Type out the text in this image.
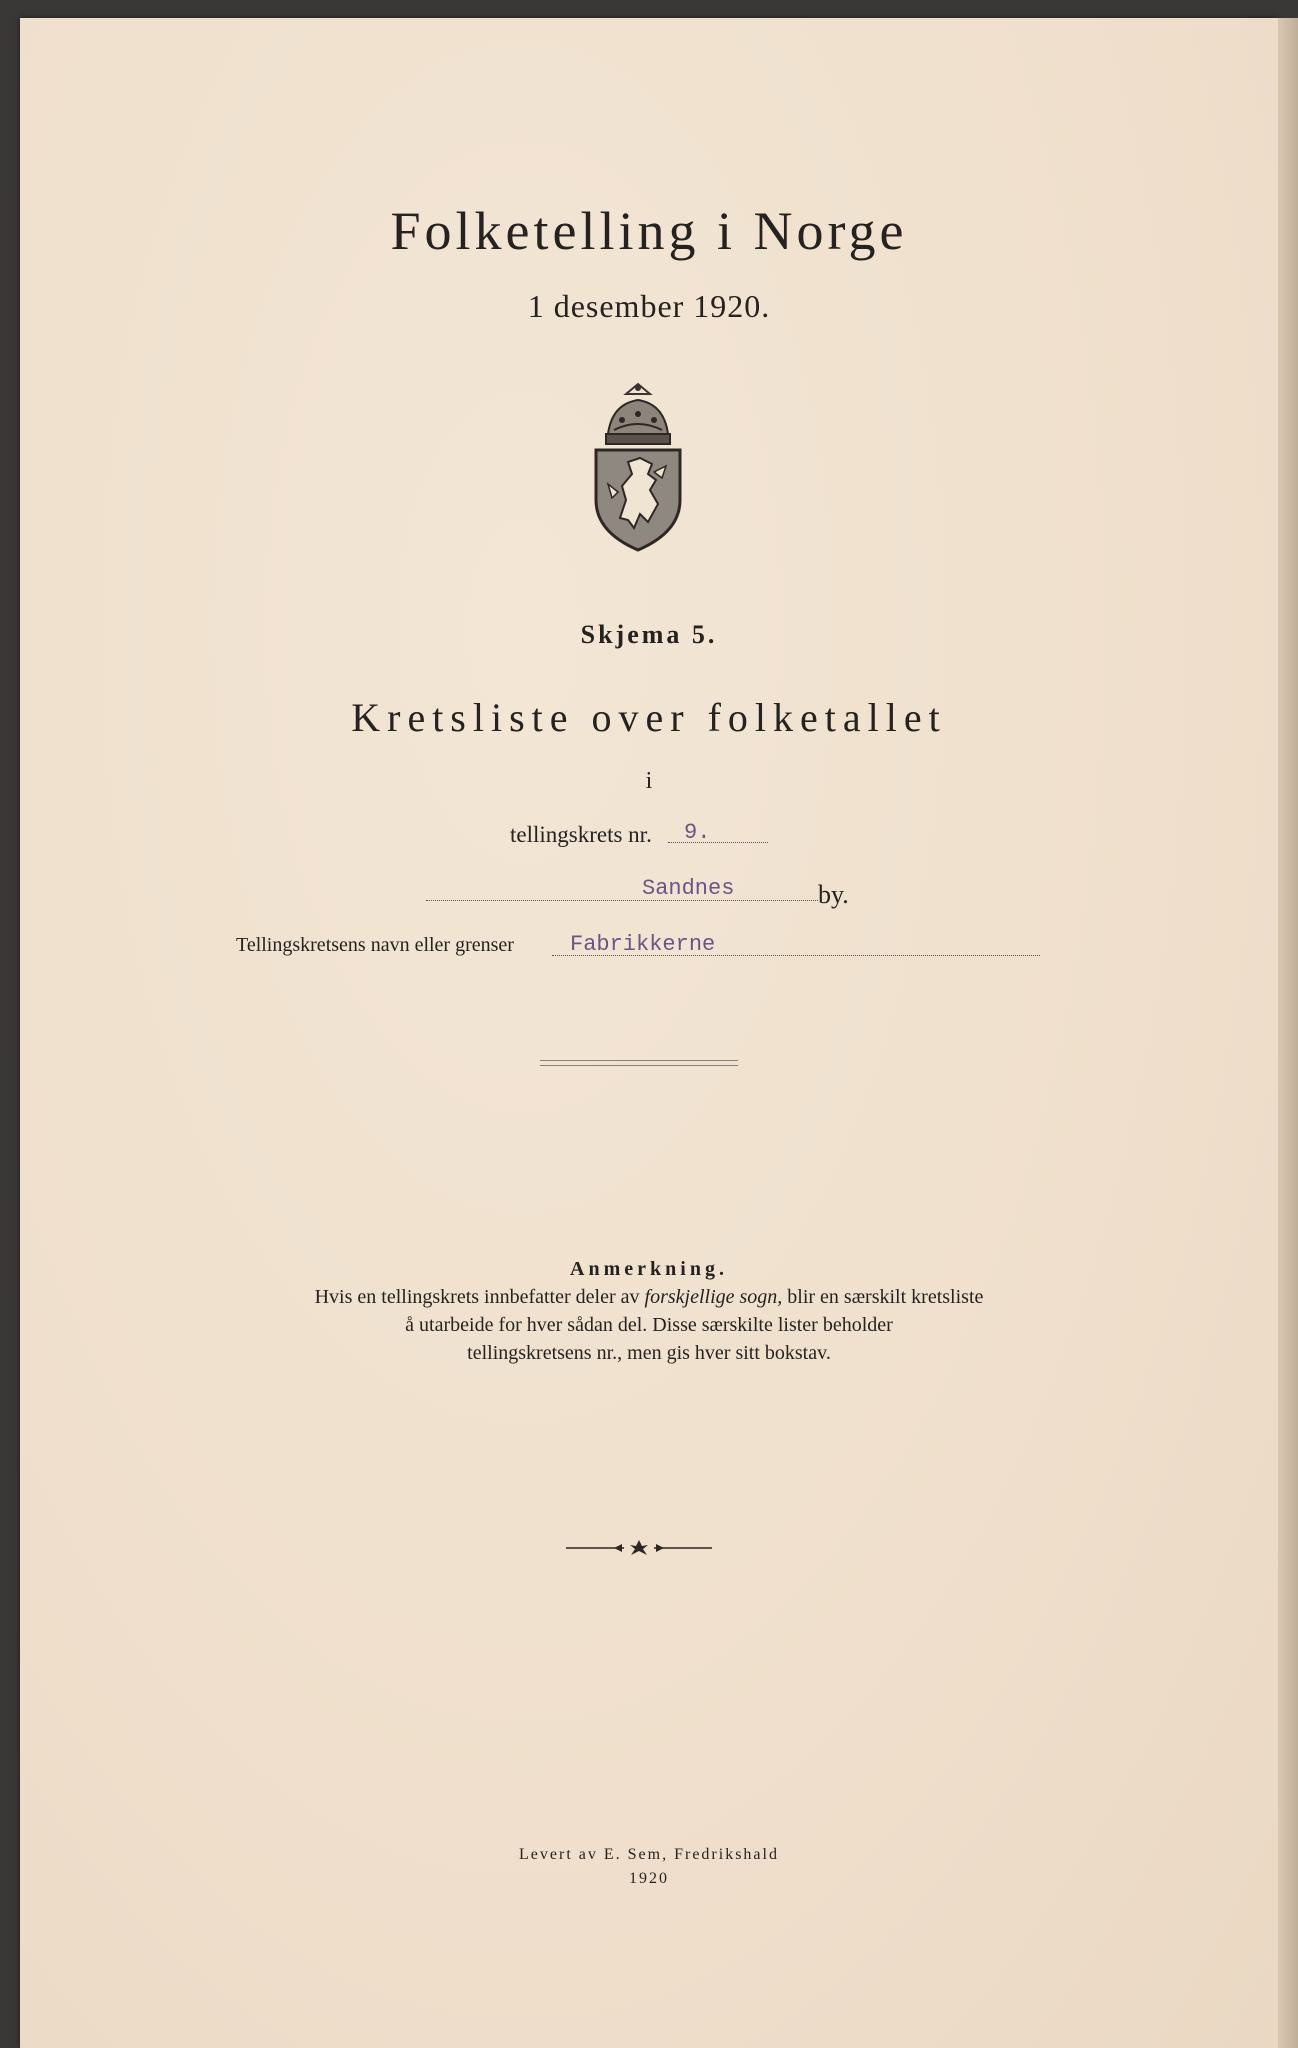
Folketelling i Norge
1 desember 1920.
Skjema 5.
Kretsliste over folketallet
i
tellingskrets nr. 9.
Sandnes	by.
Tellingskretsens navn eller grenser	Fabrikkerne
Anmerkning.
Hvis en tellingskrets innbefatter deler av forskjellige sogn, blir en særskilt kretsliste
å utarbeide for hver sådan del. Disse særskilte lister beholder
tellingskretsens nr., men gis hver sitt bokstav.
Levert av E. Sem, Fredrikshald
1920
